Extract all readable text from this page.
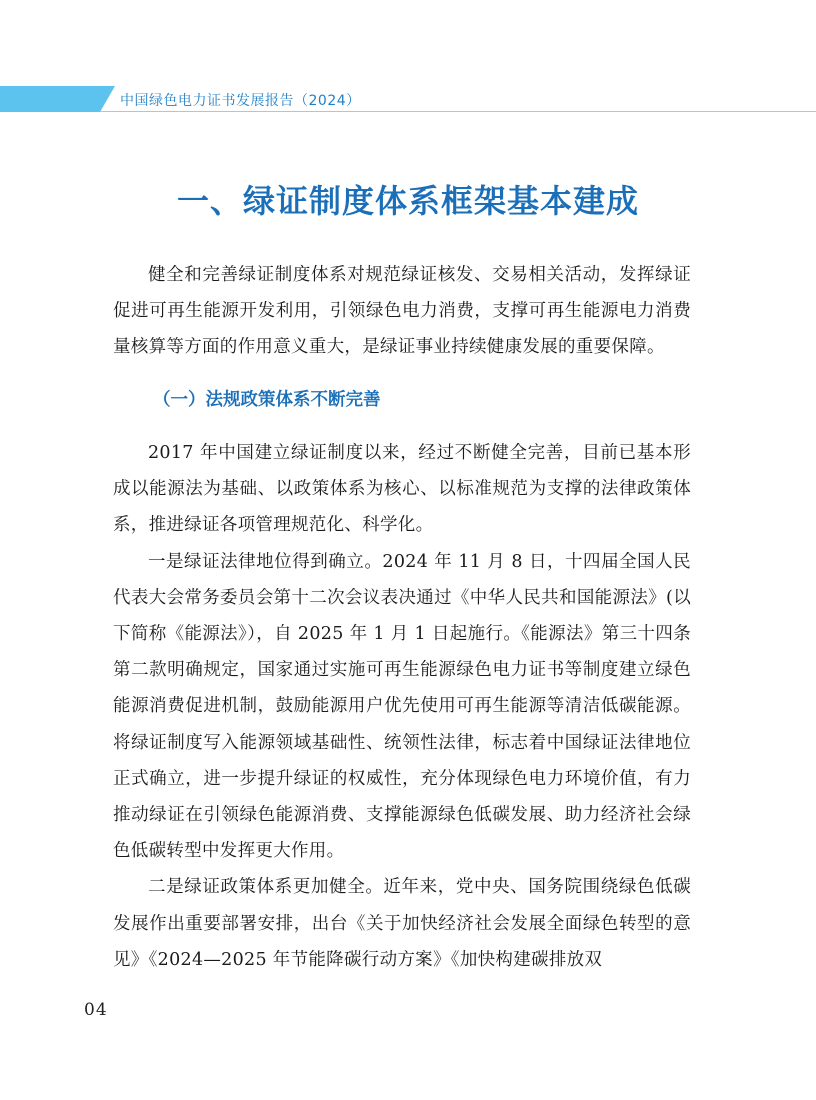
中国绿色电力证书发展报告（2024）
一、绿证制度体系框架基本建成

健全和完善绿证制度体系对规范绿证核发、交易相关活动，发挥绿证促进可再生能源开发利用，引领绿色电力消费，支撑可再生能源电力消费量核算等方面的作用意义重大，是绿证事业持续健康发展的重要保障。

（一）法规政策体系不断完善

2017 年中国建立绿证制度以来，经过不断健全完善，目前已基本形成以能源法为基础、以政策体系为核心、以标准规范为支撑的法律政策体系，推进绿证各项管理规范化、科学化。

一是绿证法律地位得到确立。2024 年 11 月 8 日，十四届全国人民代表大会常务委员会第十二次会议表决通过《中华人民共和国能源法》(以下简称《能源法》），自 2025 年 1 月 1 日起施行。《能源法》第三十四条第二款明确规定，国家通过实施可再生能源绿色电力证书等制度建立绿色能源消费促进机制，鼓励能源用户优先使用可再生能源等清洁低碳能源。将绿证制度写入能源领域基础性、统领性法律，标志着中国绿证法律地位正式确立，进一步提升绿证的权威性，充分体现绿色电力环境价值，有力推动绿证在引领绿色能源消费、支撑能源绿色低碳发展、助力经济社会绿色低碳转型中发挥更大作用。

二是绿证政策体系更加健全。近年来，党中央、国务院围绕绿色低碳发展作出重要部署安排，出台《关于加快经济社会发展全面绿色转型的意见》《2024—2025 年节能降碳行动方案》《加快构建碳排放双

04
